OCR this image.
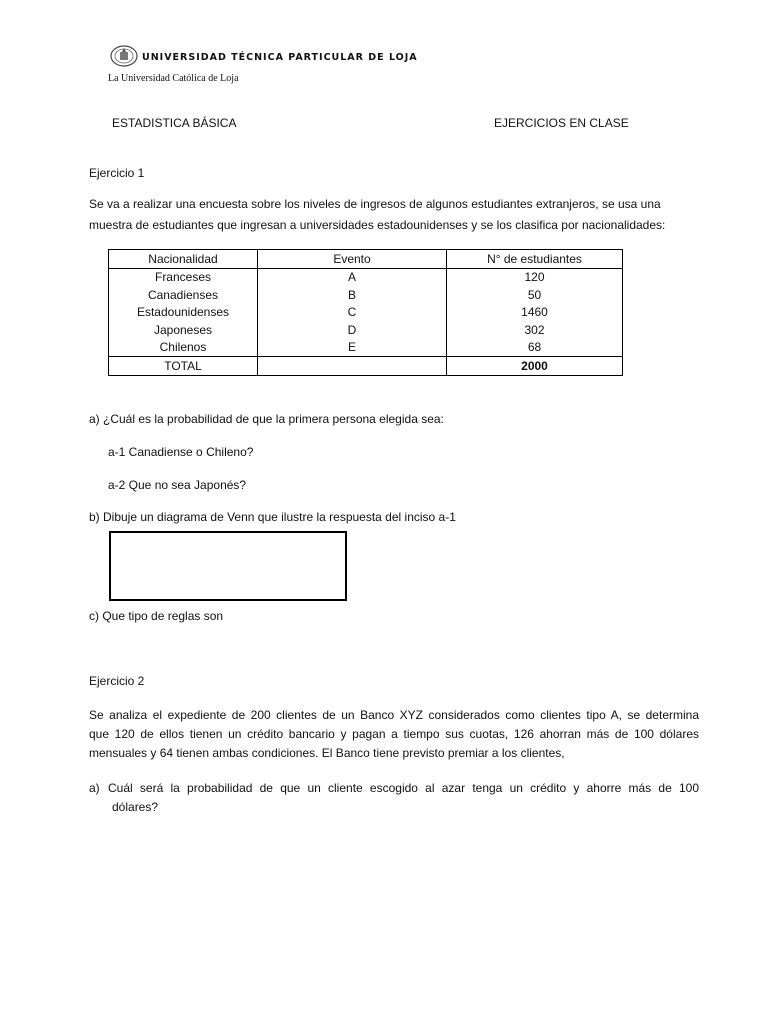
UNIVERSIDAD TÉCNICA PARTICULAR DE LOJA
La Universidad Católica de Loja
ESTADISTICA BÁSICA	EJERCICIOS EN CLASE
Ejercicio 1
Se va a realizar una encuesta sobre los niveles de ingresos de algunos estudiantes extranjeros, se usa una
muestra de estudiantes que ingresan a universidades estadounidenses y se los clasifica por nacionalidades:
Nacionalidad	Evento	N° de estudiantes
Franceses	A	120
Canadienses	B	50
Estadounidenses	C	1460
Japoneses	D	302
Chilenos	E	68
TOTAL		2000
a) ¿Cuál es la probabilidad de que la primera persona elegida sea:
a-1 Canadiense o Chileno?
a-2 Que no sea Japonés?
b) Dibuje un diagrama de Venn que ilustre la respuesta del inciso a-1
c) Que tipo de reglas son
Ejercicio 2
Se analiza el expediente de 200 clientes de un Banco XYZ considerados como clientes tipo A, se determina
que 120 de ellos tienen un crédito bancario y pagan a tiempo sus cuotas, 126 ahorran más de 100 dólares
mensuales y 64 tienen ambas condiciones. El Banco tiene previsto premiar a los clientes,
a) Cuál será la probabilidad de que un cliente escogido al azar tenga un crédito y ahorre más de 100
dólares?
